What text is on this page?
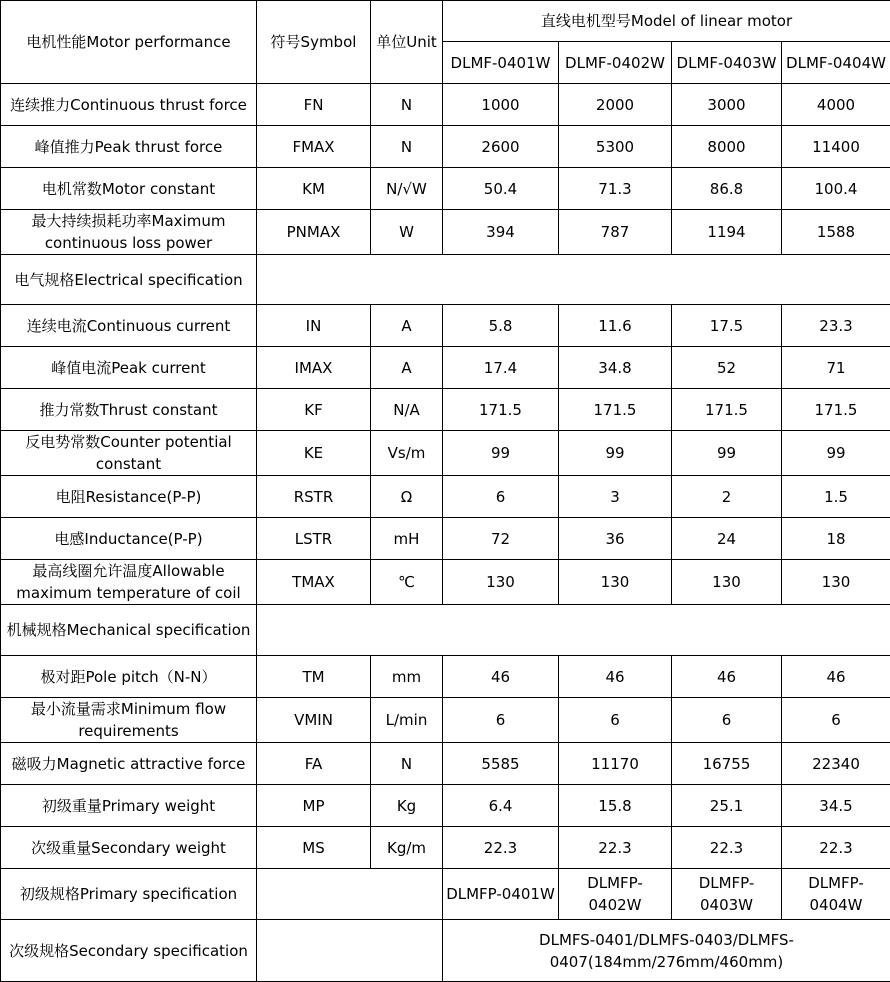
电机性能Motor performance	符号Symbol	单位Unit	直线电机型号Model of linear motor			
			DLMF-0401W	DLMF-0402W	DLMF-0403W	DLMF-0404W
连续推力Continuous thrust force	FN	N	1000	2000	3000	4000
峰值推力Peak thrust force	FMAX	N	2600	5300	8000	11400
电机常数Motor constant	KM	N/√W	50.4	71.3	86.8	100.4
最大持续损耗功率Maximum continuous loss power	PNMAX	W	394	787	1194	1588
电气规格Electrical specification						
连续电流Continuous current	IN	A	5.8	11.6	17.5	23.3
峰值电流Peak current	IMAX	A	17.4	34.8	52	71
推力常数Thrust constant	KF	N/A	171.5	171.5	171.5	171.5
反电势常数Counter potential constant	KE	Vs/m	99	99	99	99
电阻Resistance(P-P)	RSTR	Ω	6	3	2	1.5
电感Inductance(P-P)	LSTR	mH	72	36	24	18
最高线圈允许温度Allowable maximum temperature of coil	TMAX	℃	130	130	130	130
机械规格Mechanical specification						
极对距Pole pitch（N-N）	TM	mm	46	46	46	46
最小流量需求Minimum flow requirements	VMIN	L/min	6	6	6	6
磁吸力Magnetic attractive force	FA	N	5585	11170	16755	22340
初级重量Primary weight	MP	Kg	6.4	15.8	25.1	34.5
次级重量Secondary weight	MS	Kg/m	22.3	22.3	22.3	22.3
初级规格Primary specification			DLMFP-0401W	DLMFP-0402W	DLMFP-0403W	DLMFP-0404W
次级规格Secondary specification			DLMFS-0401/DLMFS-0403/DLMFS-0407(184mm/276mm/460mm)			
